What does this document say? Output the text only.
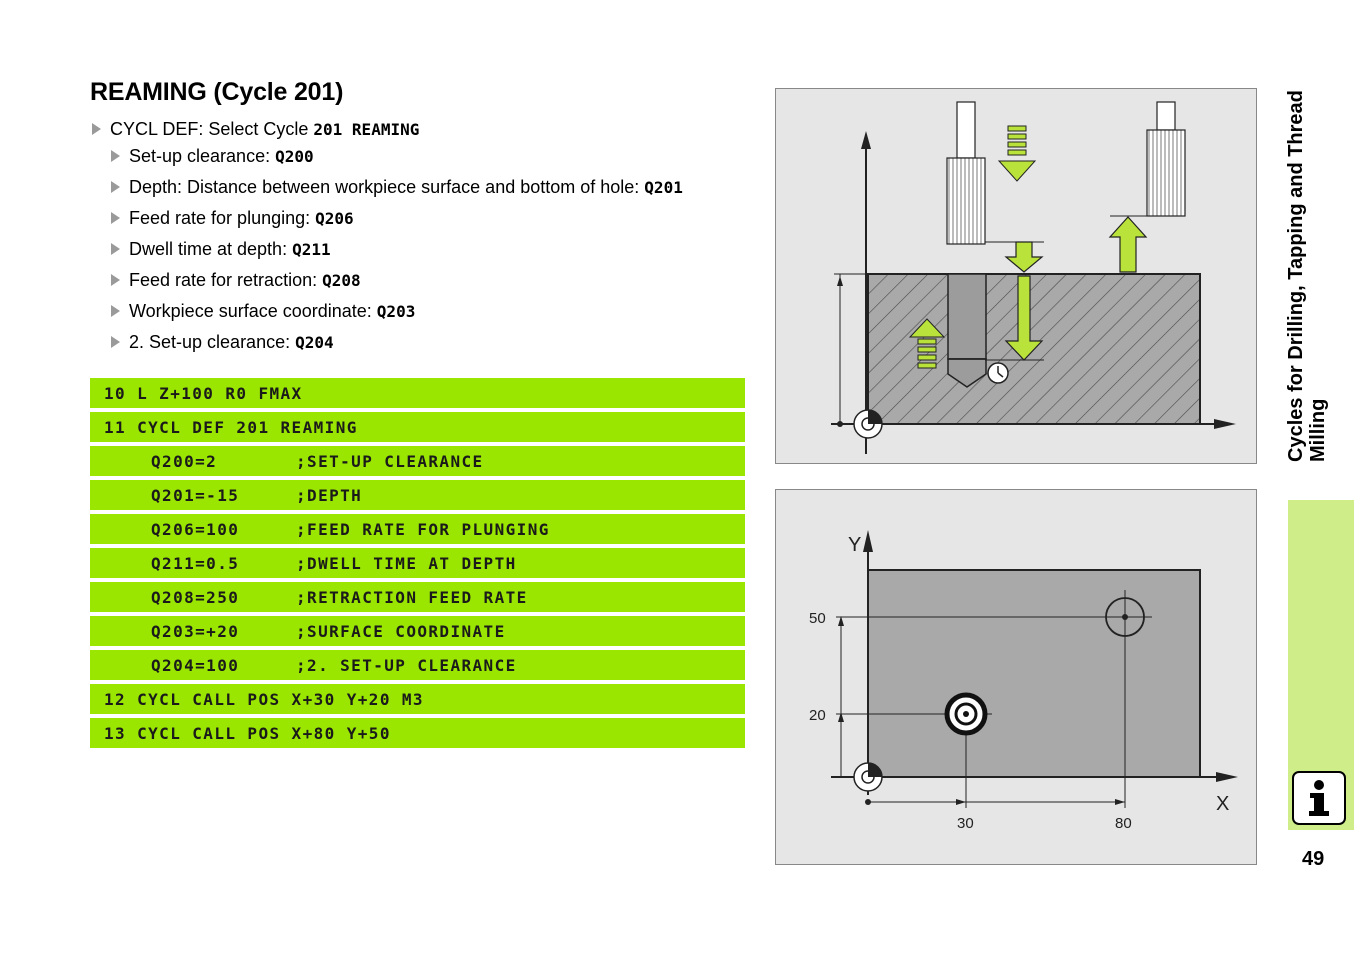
REAMING (Cycle 201)
CYCL DEF: Select Cycle 201 REAMING
Set-up clearance: Q200
Depth: Distance between workpiece surface and bottom of hole: Q201
Feed rate for plunging: Q206
Dwell time at depth: Q211
Feed rate for retraction: Q208
Workpiece surface coordinate: Q203
2. Set-up clearance: Q204
10 L Z+100 R0 FMAX
11 CYCL DEF 201 REAMING
Q200=2	;SET-UP CLEARANCE
Q201=-15	;DEPTH
Q206=100	;FEED RATE FOR PLUNGING
Q211=0.5	;DWELL TIME AT DEPTH
Q208=250	;RETRACTION FEED RATE
Q203=+20	;SURFACE COORDINATE
Q204=100	;2. SET-UP CLEARANCE
12 CYCL CALL POS X+30 Y+20 M3
13 CYCL CALL POS X+80 Y+50
Y
X
50
20
30	80
Cycles for Drilling, Tapping and Thread Milling
49
